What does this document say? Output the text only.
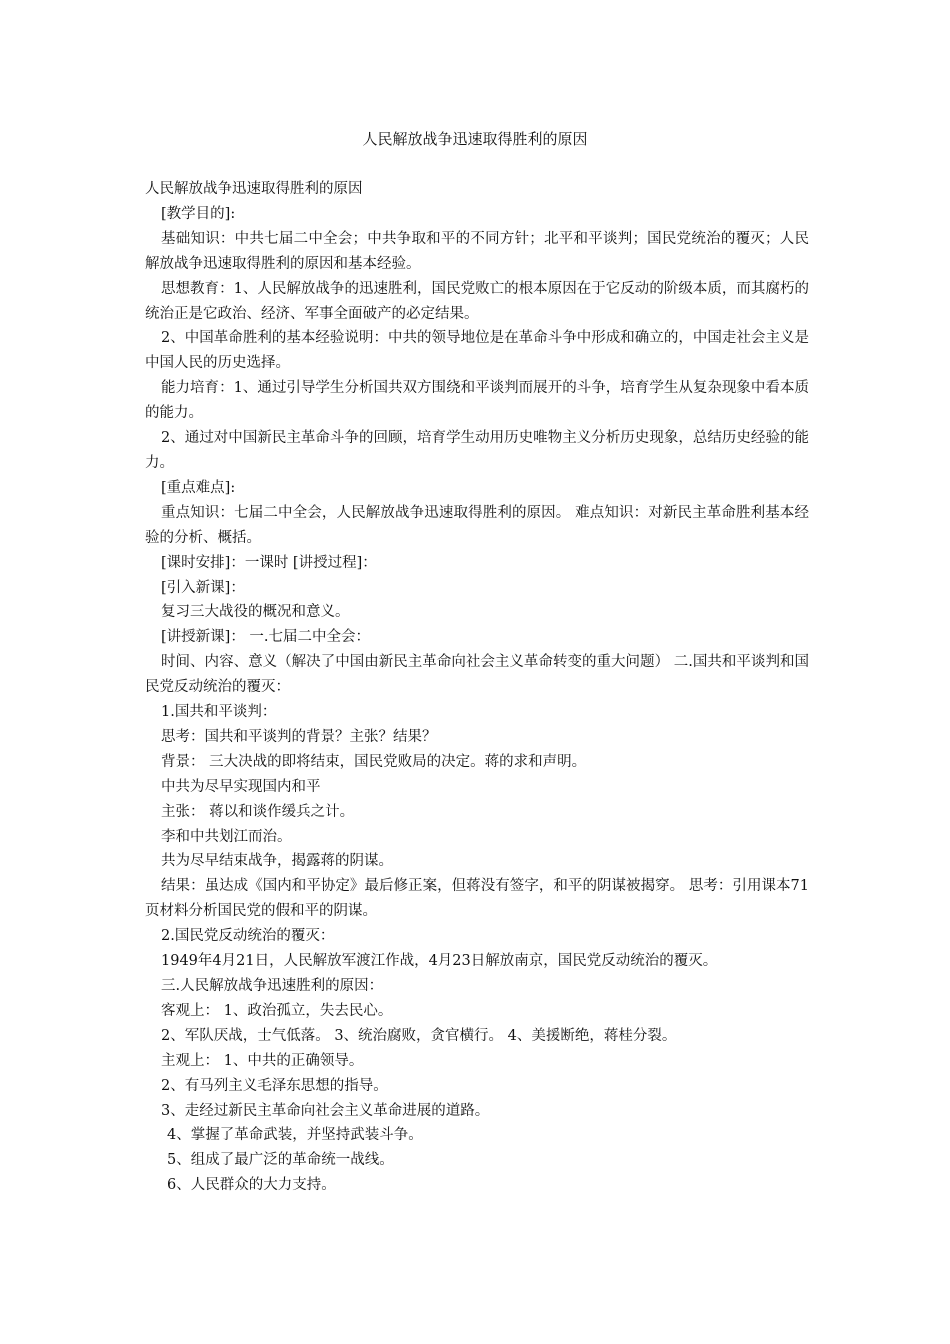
人民解放战争迅速取得胜利的原因

人民解放战争迅速取得胜利的原因

[教学目的]:

基础知识：中共七届二中全会；中共争取和平的不同方针；北平和平谈判；国民党统治的覆灭；人民解放战争迅速取得胜利的原因和基本经验。

思想教育：1、人民解放战争的迅速胜利，国民党败亡的根本原因在于它反动的阶级本质，而其腐朽的统治正是它政治、经济、军事全面破产的必定结果。

2、中国革命胜利的基本经验说明：中共的领导地位是在革命斗争中形成和确立的，中国走社会主义是中国人民的历史选择。

能力培育：1、通过引导学生分析国共双方围绕和平谈判而展开的斗争，培育学生从复杂现象中看本质的能力。

2、通过对中国新民主革命斗争的回顾，培育学生动用历史唯物主义分析历史现象，总结历史经验的能力。

[重点难点]:

重点知识：七届二中全会，人民解放战争迅速取得胜利的原因。 难点知识：对新民主革命胜利基本经验的分析、概括。

[课时安排]：一课时 [讲授过程]：

[引入新课]：

复习三大战役的概况和意义。

[讲授新课]： 一.七届二中全会：

时间、内容、意义（解决了中国由新民主革命向社会主义革命转变的重大问题） 二.国共和平谈判和国民党反动统治的覆灭：

1.国共和平谈判：

思考：国共和平谈判的背景？主张？结果？

背景： 三大决战的即将结束，国民党败局的决定。蒋的求和声明。

中共为尽早实现国内和平

主张： 蒋以和谈作缓兵之计。

李和中共划江而治。

共为尽早结束战争，揭露蒋的阴谋。

结果：虽达成《国内和平协定》最后修正案，但蒋没有签字，和平的阴谋被揭穿。 思考：引用课本71页材料分析国民党的假和平的阴谋。

2.国民党反动统治的覆灭：

1949年4月21日，人民解放军渡江作战，4月23日解放南京，国民党反动统治的覆灭。

三.人民解放战争迅速胜利的原因：

客观上： 1、政治孤立，失去民心。

2、军队厌战，士气低落。 3、统治腐败，贪官横行。 4、美援断绝，蒋桂分裂。

主观上： 1、中共的正确领导。

2、有马列主义毛泽东思想的指导。

3、走经过新民主革命向社会主义革命进展的道路。

4、掌握了革命武装，并坚持武装斗争。

5、组成了最广泛的革命统一战线。

6、人民群众的大力支持。
